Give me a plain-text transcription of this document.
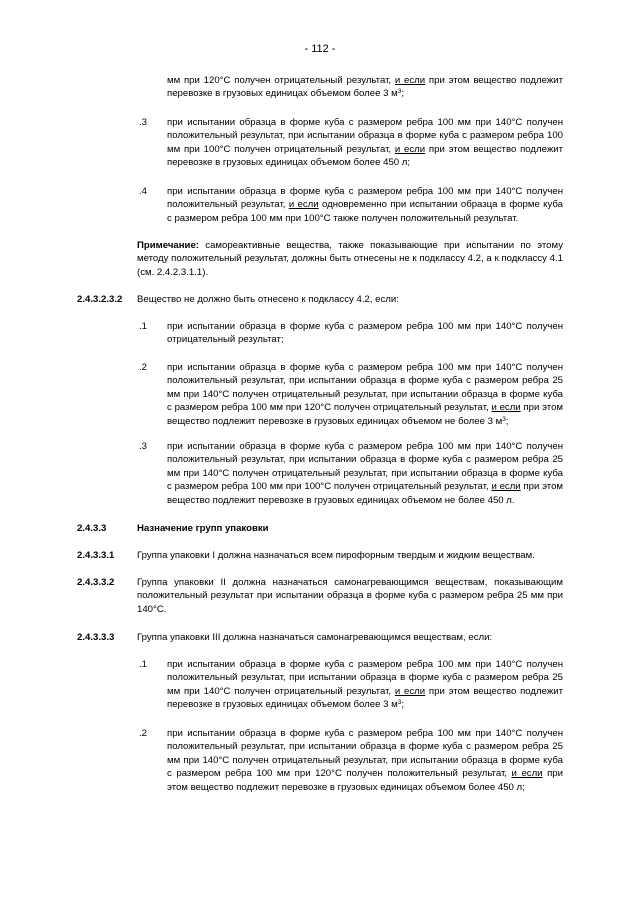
- 112 -
мм при 120°C получен отрицательный результат, и если при этом вещество подлежит перевозке в грузовых единицах объемом более 3 $м^3$;
.3 при испытании образца в форме куба с размером ребра 100 мм при 140°C получен положительный результат, при испытании образца в форме куба с размером ребра 100 мм при 100°C получен отрицательный результат, и если при этом вещество подлежит перевозке в грузовых единицах объемом более 450 л;
.4 при испытании образца в форме куба с размером ребра 100 мм при 140°C получен положительный результат, и если одновременно при испытании образца в форме куба с размером ребра 100 мм при 100°C также получен положительный результат.
Примечание: самореактивные вещества, также показывающие при испытании по этому методу положительный результат, должны быть отнесены не к подклассу 4.2, а к подклассу 4.1 (см. 2.4.2.3.1.1).
2.4.3.2.3.2 Вещество не должно быть отнесено к подклассу 4.2, если:
.1 при испытании образца в форме куба с размером ребра 100 мм при 140°C получен отрицательный результат;
.2 при испытании образца в форме куба с размером ребра 100 мм при 140°C получен положительный результат, при испытании образца в форме куба с размером ребра 25 мм при 140°C получен отрицательный результат, при испытании образца в форме куба с размером ребра 100 мм при 120°C получен отрицательный результат, и если при этом вещество подлежит перевозке в грузовых единицах объемом не более 3 $м^3$;
.3 при испытании образца в форме куба с размером ребра 100 мм при 140°C получен положительный результат, при испытании образца в форме куба с размером ребра 25 мм при 140°C получен отрицательный результат, при испытании образца в форме куба с размером ребра 100 мм при 100°C получен отрицательный результат, и если при этом вещество подлежит перевозке в грузовых единицах объемом не более 450 л.
2.4.3.3	Назначение групп упаковки
2.4.3.3.1 Группа упаковки I должна назначаться всем пирофорным твердым и жидким веществам.
2.4.3.3.2 Группа упаковки II должна назначаться самонагревающимся веществам, показывающим положительный результат при испытании образца в форме куба с размером ребра 25 мм при 140°C.
2.4.3.3.3 Группа упаковки III должна назначаться самонагревающимся веществам, если:
.1 при испытании образца в форме куба с размером ребра 100 мм при 140°C получен положительный результат, при испытании образца в форме куба с размером ребра 25 мм при 140°C получен отрицательный результат, и если при этом вещество подлежит перевозке в грузовых единицах объемом более 3 $м^3$;
.2 при испытании образца в форме куба с размером ребра 100 мм при 140°C получен положительный результат, при испытании образца в форме куба с размером ребра 25 мм при 140°C получен отрицательный результат, при испытании образца в форме куба с размером ребра 100 мм при 120°C получен положительный результат, и если при этом вещество подлежит перевозке в грузовых единицах объемом более 450 л;
